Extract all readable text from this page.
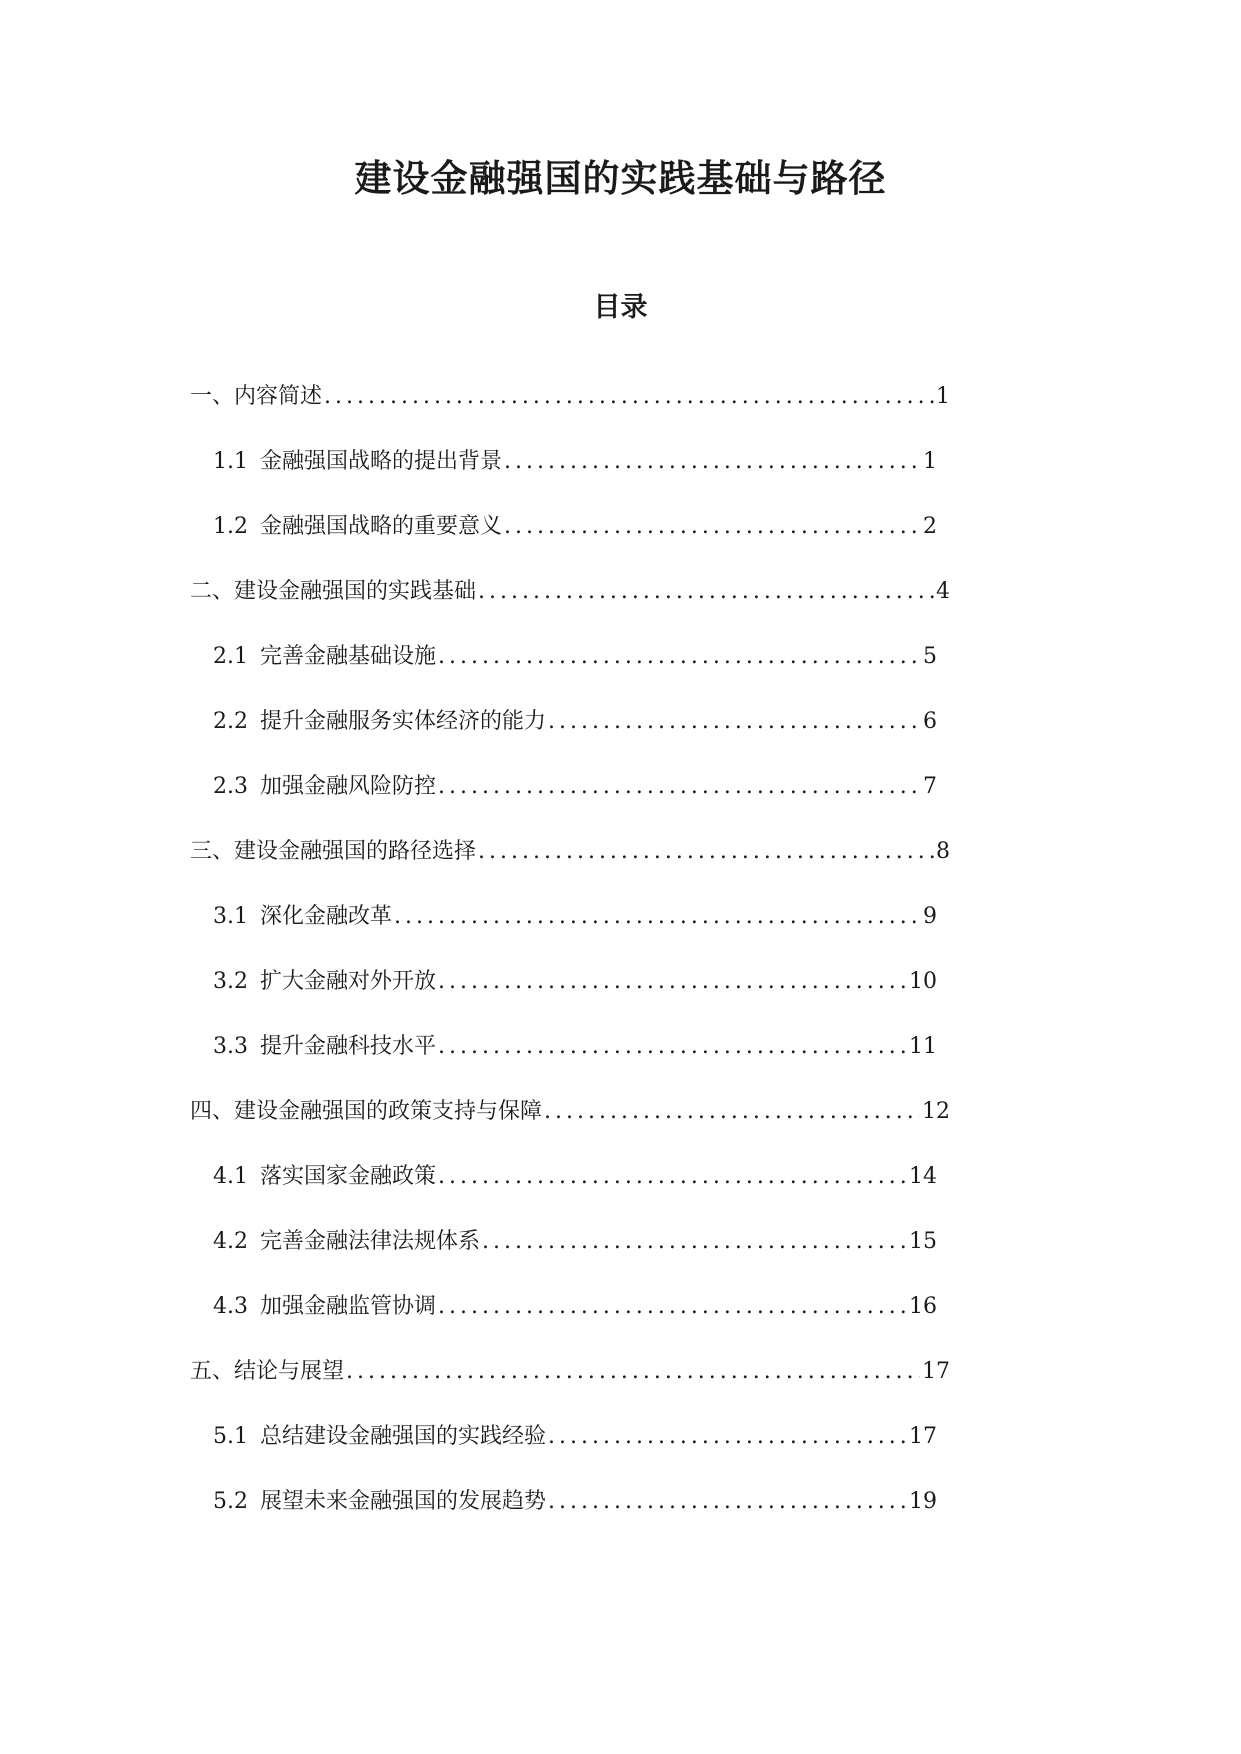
建设金融强国的实践基础与路径
目录
一、内容简述 .....	1
1.1 金融强国战略的提出背景 .....	1
1.2 金融强国战略的重要意义 .....	2
二、建设金融强国的实践基础 .....	4
2.1 完善金融基础设施 .....	5
2.2 提升金融服务实体经济的能力 .....	6
2.3 加强金融风险防控 .....	7
三、建设金融强国的路径选择 .....	8
3.1 深化金融改革 .....	9
3.2 扩大金融对外开放 .....	10
3.3 提升金融科技水平 .....	11
四、建设金融强国的政策支持与保障 .....	12
4.1 落实国家金融政策 .....	14
4.2 完善金融法律法规体系 .....	15
4.3 加强金融监管协调 .....	16
五、结论与展望 .....	17
5.1 总结建设金融强国的实践经验 .....	17
5.2 展望未来金融强国的发展趋势 .....	19
